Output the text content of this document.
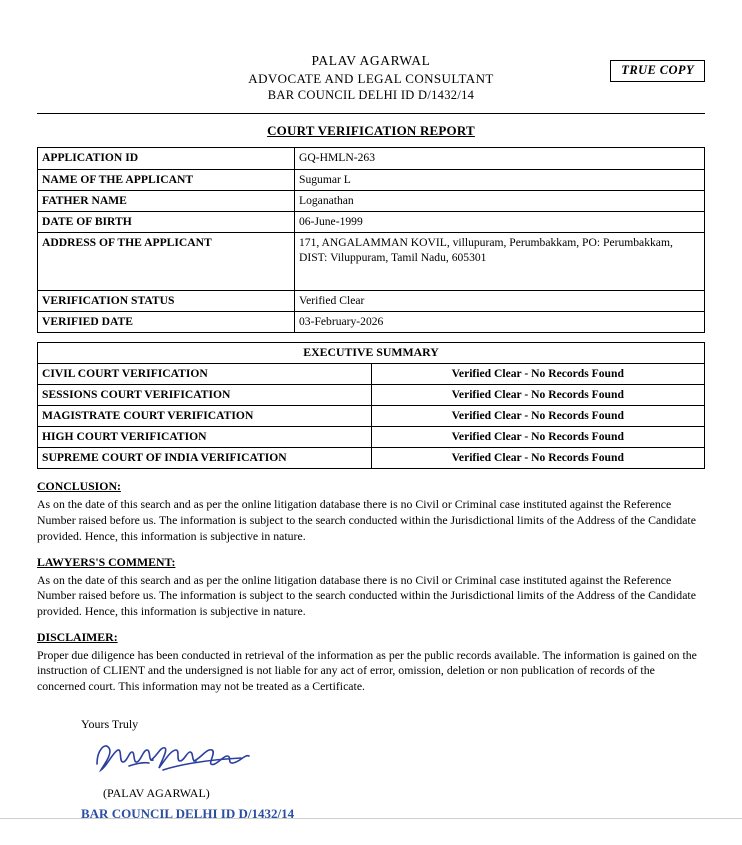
TRUE COPY
PALAV AGARWAL
ADVOCATE AND LEGAL CONSULTANT
BAR COUNCIL DELHI ID D/1432/14
COURT VERIFICATION REPORT
APPLICATION ID	GQ-HMLN-263
NAME OF THE APPLICANT	Sugumar L
FATHER NAME	Loganathan
DATE OF BIRTH	06-June-1999
ADDRESS OF THE APPLICANT	171, ANGALAMMAN KOVIL, villupuram, Perumbakkam, PO: Perumbakkam, DIST: Viluppuram, Tamil Nadu, 605301
VERIFICATION STATUS	Verified Clear
VERIFIED DATE	03-February-2026
EXECUTIVE SUMMARY	
CIVIL COURT VERIFICATION	Verified Clear - No Records Found
SESSIONS COURT VERIFICATION	Verified Clear - No Records Found
MAGISTRATE COURT VERIFICATION	Verified Clear - No Records Found
HIGH COURT VERIFICATION	Verified Clear - No Records Found
SUPREME COURT OF INDIA VERIFICATION	Verified Clear - No Records Found
CONCLUSION:
As on the date of this search and as per the online litigation database there is no Civil or Criminal case instituted against the Reference Number raised before us. The information is subject to the search conducted within the Jurisdictional limits of the Address of the Candidate provided. Hence, this information is subjective in nature.
LAWYERS'S COMMENT:
As on the date of this search and as per the online litigation database there is no Civil or Criminal case instituted against the Reference Number raised before us. The information is subject to the search conducted within the Jurisdictional limits of the Address of the Candidate provided. Hence, this information is subjective in nature.
DISCLAIMER:
Proper due diligence has been conducted in retrieval of the information as per the public records available. The information is gained on the instruction of CLIENT and the undersigned is not liable for any act of error, omission, deletion or non publication of records of the concerned court. This information may not be treated as a Certificate.
Yours Truly
(PALAV AGARWAL)
BAR COUNCIL DELHI ID D/1432/14
